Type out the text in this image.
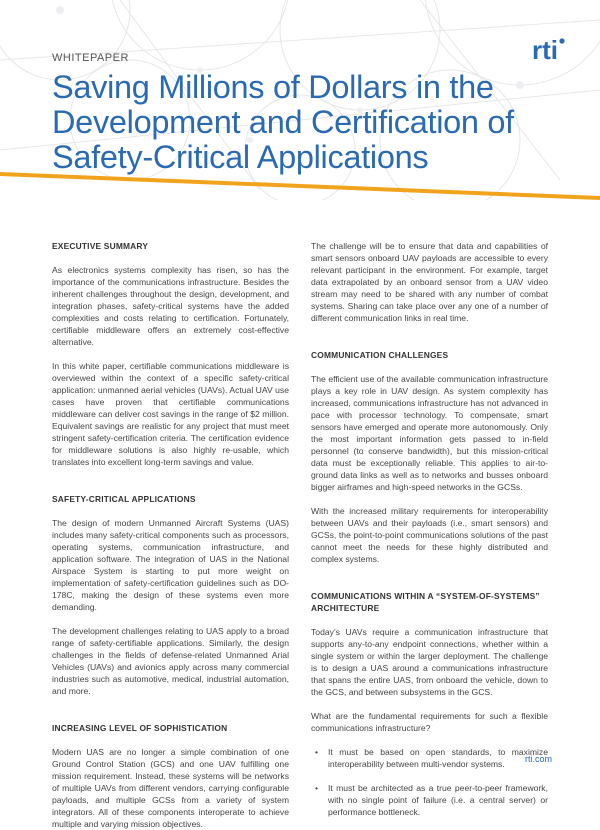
WHITEPAPER
Saving Millions of Dollars in the Development and Certification of Safety-Critical Applications
rti
EXECUTIVE SUMMARY

As electronics systems complexity has risen, so has the importance of the communications infrastructure. Besides the inherent challenges throughout the design, development, and integration phases, safety-critical systems have the added complexities and costs relating to certification. Fortunately, certifiable middleware offers an extremely cost-effective alternative.

In this white paper, certifiable communications middleware is overviewed within the context of a specific safety-critical application: unmanned aerial vehicles (UAVs). Actual UAV use cases have proven that certifiable communications middleware can deliver cost savings in the range of $2 million. Equivalent savings are realistic for any project that must meet stringent safety-certification criteria. The certification evidence for middleware solutions is also highly re-usable, which translates into excellent long-term savings and value.

SAFETY-CRITICAL APPLICATIONS

The design of modern Unmanned Aircraft Systems (UAS) includes many safety-critical components such as processors, operating systems, communication infrastructure, and application software. The integration of UAS in the National Airspace System is starting to put more weight on implementation of safety-certification guidelines such as DO-178C, making the design of these systems even more demanding.

The development challenges relating to UAS apply to a broad range of safety-certifiable applications. Similarly, the design challenges in the fields of defense-related Unmanned Arial Vehicles (UAVs) and avionics apply across many commercial industries such as automotive, medical, industrial automation, and more.

INCREASING LEVEL OF SOPHISTICATION

Modern UAS are no longer a simple combination of one Ground Control Station (GCS) and one UAV fulfilling one mission requirement. Instead, these systems will be networks of multiple UAVs from different vendors, carrying configurable payloads, and multiple GCSs from a variety of system integrators. All of these components interoperate to achieve multiple and varying mission objectives.

The challenge will be to ensure that data and capabilities of smart sensors onboard UAV payloads are accessible to every relevant participant in the environment. For example, target data extrapolated by an onboard sensor from a UAV video stream may need to be shared with any number of combat systems. Sharing can take place over any one of a number of different communication links in real time.

COMMUNICATION CHALLENGES

The efficient use of the available communication infrastructure plays a key role in UAV design. As system complexity has increased, communications infrastructure has not advanced in pace with processor technology. To compensate, smart sensors have emerged and operate more autonomously. Only the most important information gets passed to in-field personnel (to conserve bandwidth), but this mission-critical data must be exceptionally reliable. This applies to air-to-ground data links as well as to networks and busses onboard bigger airframes and high-speed networks in the GCSs.

With the increased military requirements for interoperability between UAVs and their payloads (i.e., smart sensors) and GCSs, the point-to-point communications solutions of the past cannot meet the needs for these highly distributed and complex systems.

COMMUNICATIONS WITHIN A “SYSTEM-OF-SYSTEMS” ARCHITECTURE

Today’s UAVs require a communication infrastructure that supports any-to-any endpoint connections, whether within a single system or within the larger deployment. The challenge is to design a UAS around a communications infrastructure that spans the entire UAS, from onboard the vehicle, down to the GCS, and between subsystems in the GCS.

What are the fundamental requirements for such a flexible communications infrastructure?

• It must be based on open standards, to maximize interoperability between multi-vendor systems.
• It must be architected as a true peer-to-peer framework, with no single point of failure (i.e. a central server) or performance bottleneck.
rti.com
